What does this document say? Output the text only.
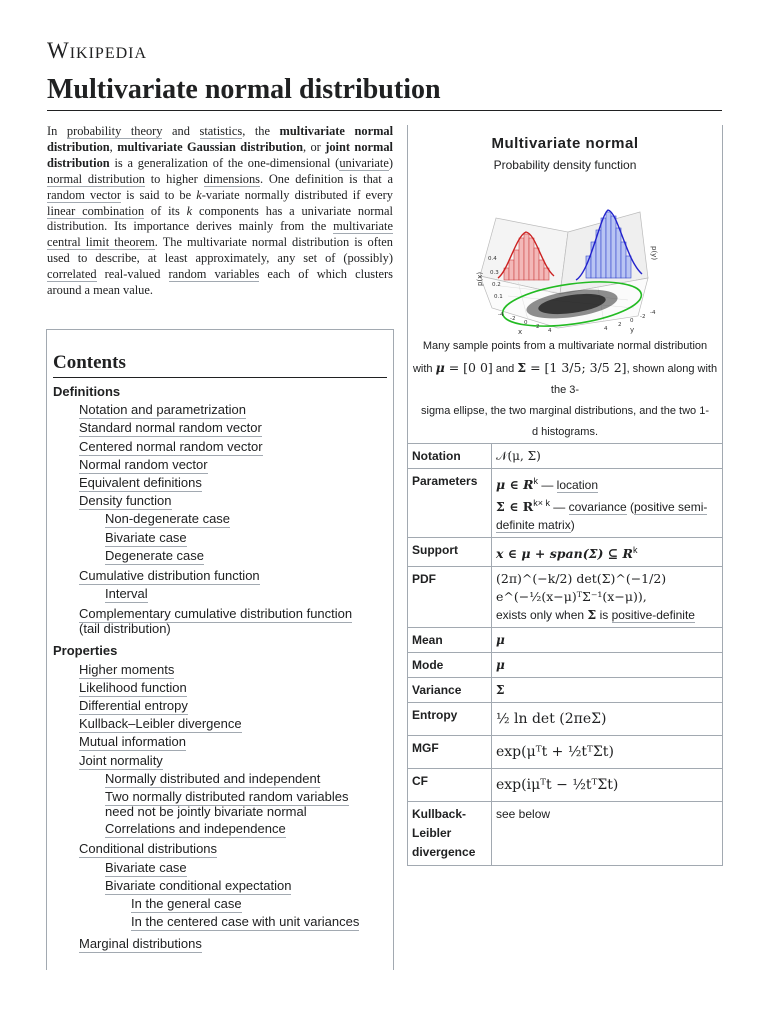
Wikipedia
Multivariate normal distribution
In probability theory and statistics, the multivariate normal distribution, multivariate Gaussian distribution, or joint normal distribution is a generalization of the one-dimensional (univariate) normal distribution to higher dimensions. One definition is that a random vector is said to be k-variate normally distributed if every linear combination of its k components has a univariate normal distribution. Its importance derives mainly from the multivariate central limit theorem. The multivariate normal distribution is often used to describe, at least approximately, any set of (possibly) correlated real-valued random variables each of which clusters around a mean value.
Contents
Definitions
Notation and parametrization
Standard normal random vector
Centered normal random vector
Normal random vector
Equivalent definitions
Density function
Non-degenerate case
Bivariate case
Degenerate case
Cumulative distribution function
Interval
Complementary cumulative distribution function
(tail distribution)
Properties
Higher moments
Likelihood function
Differential entropy
Kullback–Leibler divergence
Mutual information
Joint normality
Normally distributed and independent
Two normally distributed random variables
need not be jointly bivariate normal
Correlations and independence
Conditional distributions
Bivariate case
Bivariate conditional expectation
In the general case
In the centered case with unit variances
Marginal distributions
Multivariate normal
Probability density function
0.4
0.3
0.2
0.1
-4
-2
0
2
4	4
2
0
-2
-4
p(x)
p(y)
x	y
Many sample points from a multivariate normal distribution
with μ = [0 0] and Σ = [1 3/5; 3/5 2], shown along with the 3-
sigma ellipse, the two marginal distributions, and the two 1-
d histograms.
Notation	𝒩(μ, Σ)
Parameters	μ ∈ $R^k$ — location
Σ ∈ $R^{k\times k}$ — covariance (positive semi-definite matrix)

Support	x ∈ μ + span(Σ) ⊆ $R^k$
PDF	(2π)^(−k/2) det(Σ)^(−1/2) e^(−½(x−μ)ᵀΣ⁻¹(x−μ)),
exists only when Σ is positive-definite

Mean	μ
Mode	μ
Variance	Σ
Entropy	½ ln det (2πeΣ)
MGF	exp(μᵀt + ½tᵀΣt)
CF	exp(iμᵀt − ½tᵀΣt)
Kullback-Leibler divergence	see below
